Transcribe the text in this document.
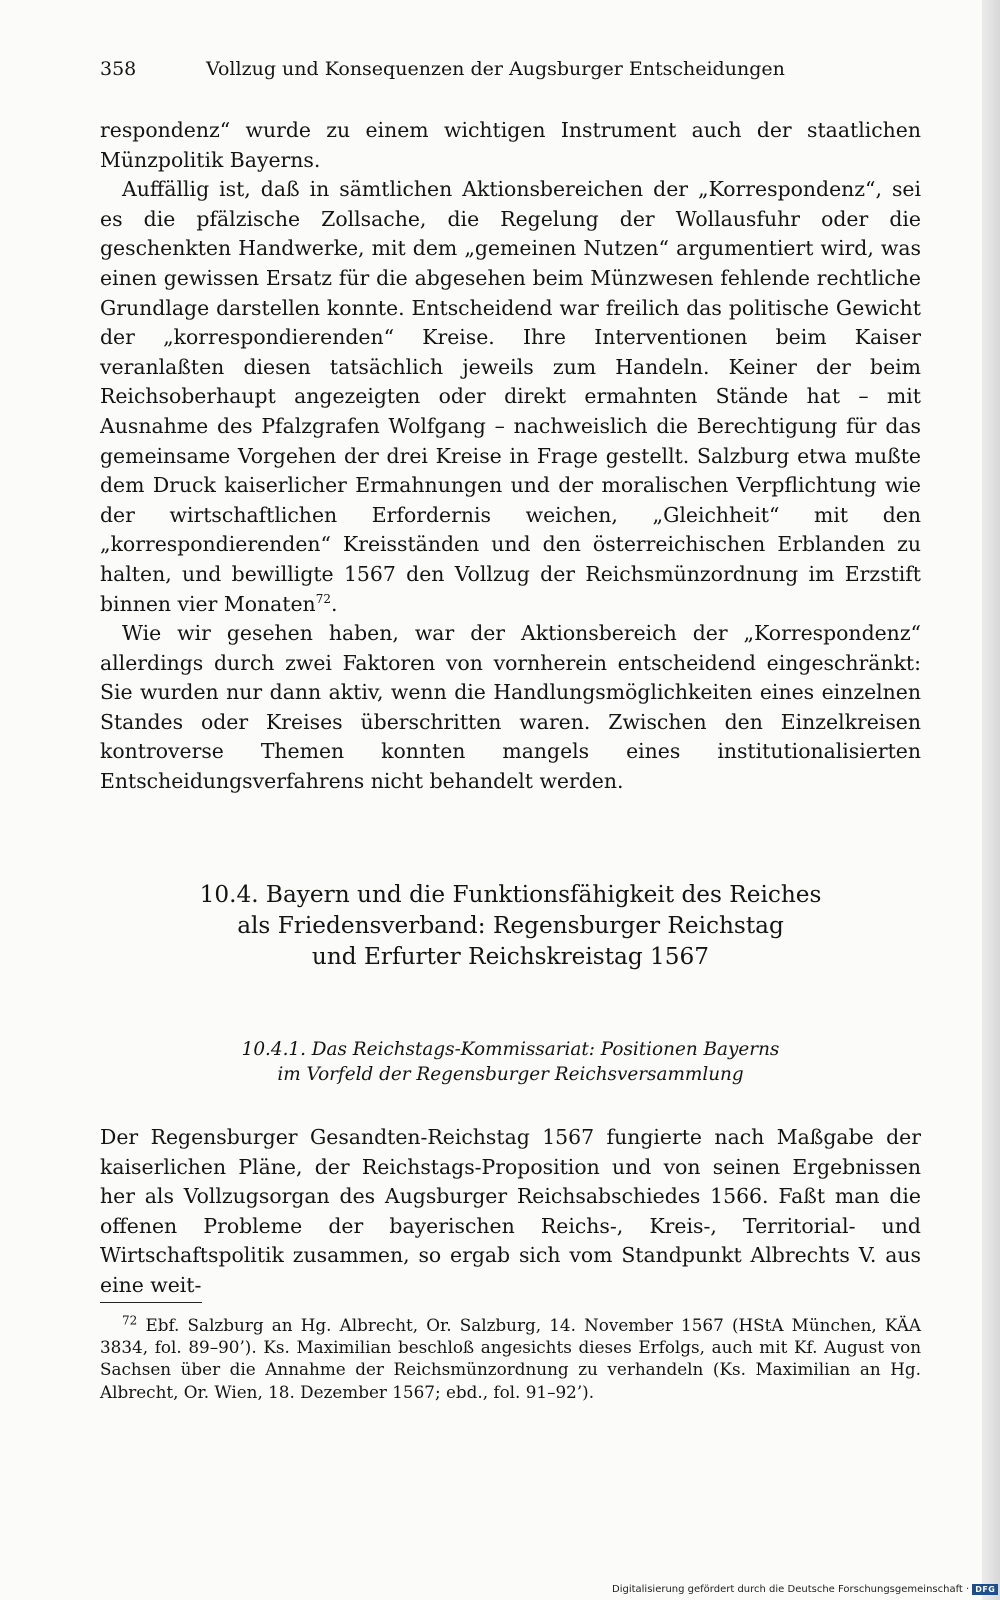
358	Vollzug und Konsequenzen der Augsburger Entscheidungen

respondenz“ wurde zu einem wichtigen Instrument auch der staatlichen Münzpolitik Bayerns.

Auffällig ist, daß in sämtlichen Aktionsbereichen der „Korrespondenz“, sei es die pfälzische Zollsache, die Regelung der Wollausfuhr oder die geschenkten Handwerke, mit dem „gemeinen Nutzen“ argumentiert wird, was einen gewissen Ersatz für die abgesehen beim Münzwesen fehlende rechtliche Grundlage darstellen konnte. Entscheidend war freilich das politische Gewicht der „korrespondierenden“ Kreise. Ihre Interventionen beim Kaiser veranlaßten diesen tatsächlich jeweils zum Handeln. Keiner der beim Reichsoberhaupt angezeigten oder direkt ermahnten Stände hat – mit Ausnahme des Pfalzgrafen Wolfgang – nachweislich die Berechtigung für das gemeinsame Vorgehen der drei Kreise in Frage gestellt. Salzburg etwa mußte dem Druck kaiserlicher Ermahnungen und der moralischen Verpflichtung wie der wirtschaftlichen Erfordernis weichen, „Gleichheit“ mit den „korrespondierenden“ Kreisständen und den österreichischen Erblanden zu halten, und bewilligte 1567 den Vollzug der Reichsmünzordnung im Erzstift binnen vier Monaten$^{72}$.

Wie wir gesehen haben, war der Aktionsbereich der „Korrespondenz“ allerdings durch zwei Faktoren von vornherein entscheidend eingeschränkt: Sie wurden nur dann aktiv, wenn die Handlungsmöglichkeiten eines einzelnen Standes oder Kreises überschritten waren. Zwischen den Einzelkreisen kontroverse Themen konnten mangels eines institutionalisierten Entscheidungsverfahrens nicht behandelt werden.

10.4. Bayern und die Funktionsfähigkeit des Reiches
als Friedensverband: Regensburger Reichstag
und Erfurter Reichskreistag 1567
10.4.1. Das Reichstags-Kommissariat: Positionen Bayerns
im Vorfeld der Regensburger Reichsversammlung

Der Regensburger Gesandten-Reichstag 1567 fungierte nach Maßgabe der kaiserlichen Pläne, der Reichstags-Proposition und von seinen Ergebnissen her als Vollzugsorgan des Augsburger Reichsabschiedes 1566. Faßt man die offenen Probleme der bayerischen Reichs-, Kreis-, Territorial- und Wirtschaftspolitik zusammen, so ergab sich vom Standpunkt Albrechts V. aus eine weit-

$^{72}$ Ebf. Salzburg an Hg. Albrecht, Or. Salzburg, 14. November 1567 (HStA München, KÄA 3834, fol. 89–90’). Ks. Maximilian beschloß angesichts dieses Erfolgs, auch mit Kf. August von Sachsen über die Annahme der Reichsmünzordnung zu verhandeln (Ks. Maximilian an Hg. Albrecht, Or. Wien, 18. Dezember 1567; ebd., fol. 91–92’).

Digitalisierung gefördert durch die Deutsche Forschungsgemeinschaft · DFG
